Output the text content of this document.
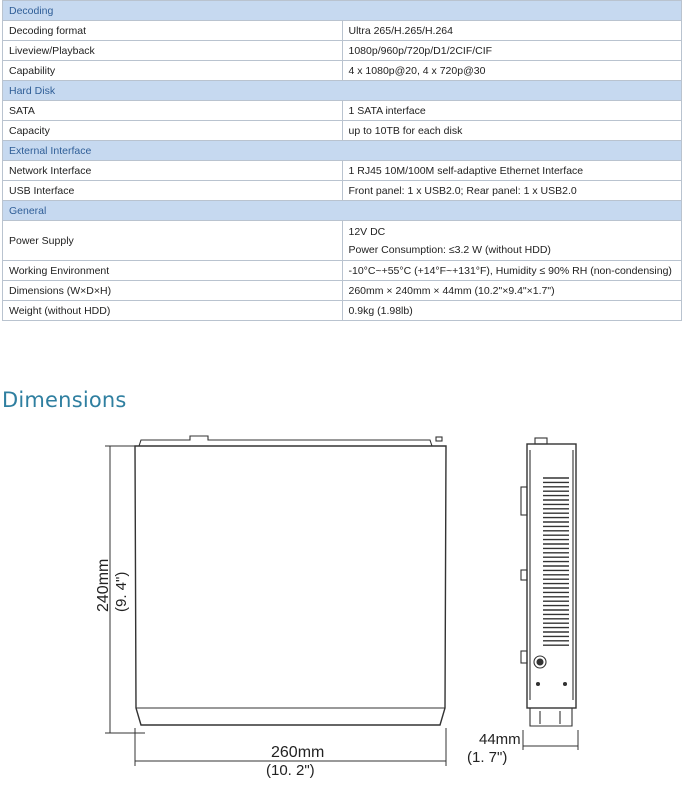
Decoding	
Decoding format	Ultra 265/H.265/H.264
Liveview/Playback	1080p/960p/720p/D1/2CIF/CIF
Capability	4 x 1080p@20, 4 x 720p@30
Hard Disk	
SATA	1 SATA interface
Capacity	up to 10TB for each disk
External Interface	
Network Interface	1 RJ45 10M/100M self-adaptive Ethernet Interface
USB Interface	Front panel: 1 x USB2.0; Rear panel: 1 x USB2.0
General	
Power Supply	12V DC
Power Consumption: ≤3.2 W (without HDD)

Working Environment	-10°C~+55°C (+14°F~+131°F), Humidity ≤ 90% RH (non-condensing)
Dimensions (W×D×H)	260mm × 240mm × 44mm (10.2"×9.4"×1.7")
Weight (without HDD)	0.9kg (1.98lb)
Dimensions
240mm (9. 4")
260mm
(10. 2")
44mm
(1. 7")
